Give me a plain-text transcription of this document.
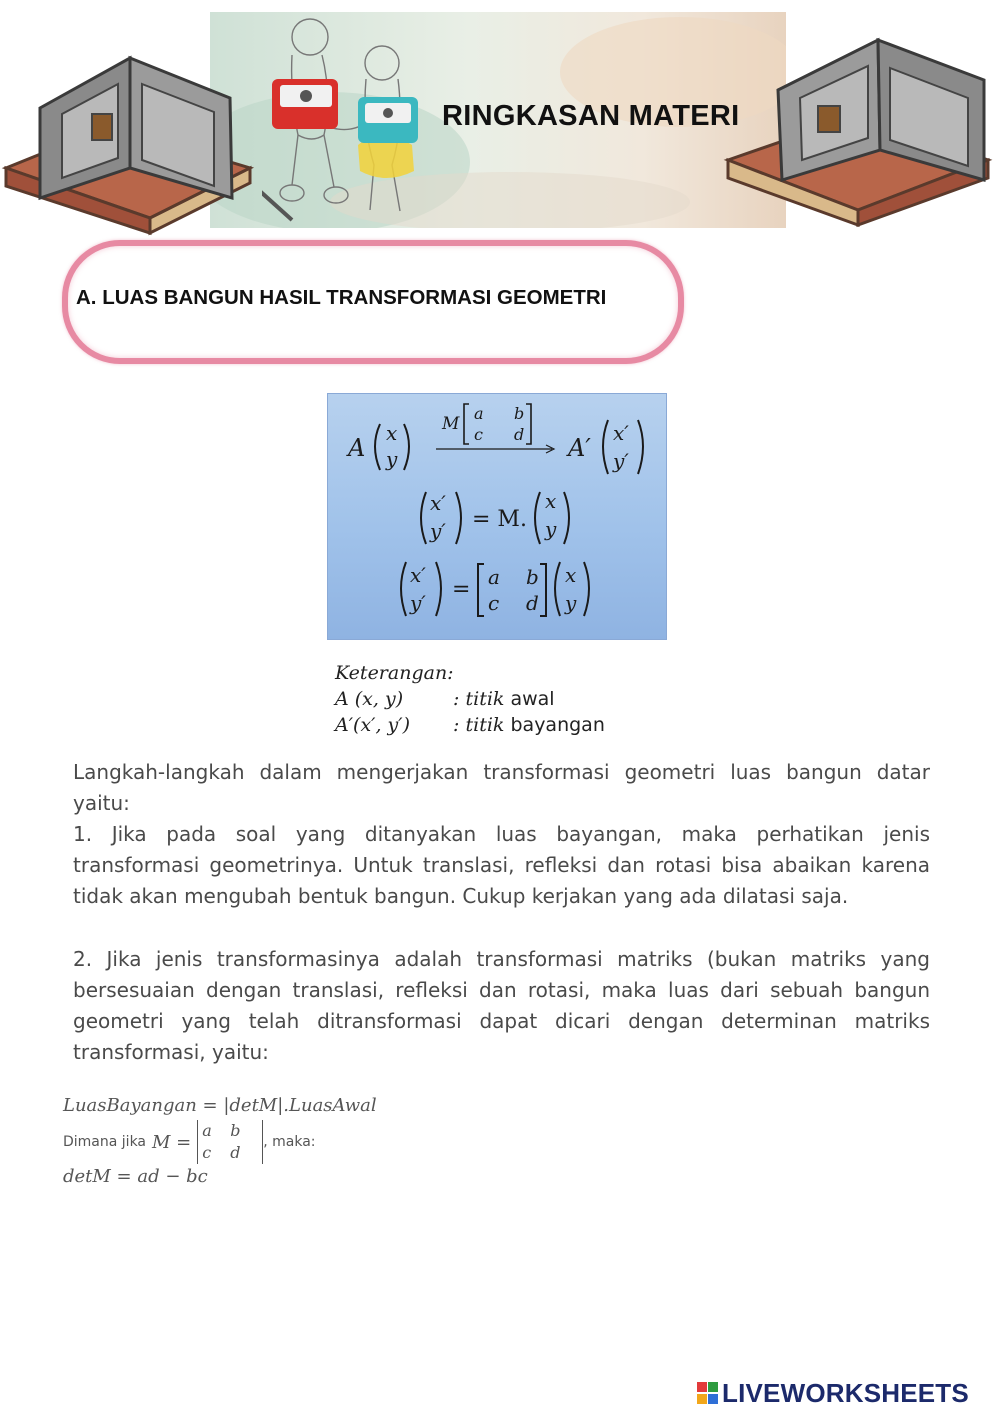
RINGKASAN MATERI
A. LUAS BANGUN HASIL TRANSFORMASI GEOMETRI
A
x
y
M
a b
c d A′
x′
y′
x′
y′ = M.
x
y
x′
y′
= a b
c d
x
y
Keterangan:
A (x, y)	: titik awal
A′(x′, y′) : titik bayangan

Langkah-langkah dalam mengerjakan transformasi geometri luas bangun datar yaitu:

1. Jika pada soal yang ditanyakan luas bayangan, maka perhatikan jenis transformasi geometrinya. Untuk translasi, refleksi dan rotasi bisa abaikan karena tidak akan mengubah bentuk bangun. Cukup kerjakan yang ada dilatasi saja.

2. Jika jenis transformasinya adalah transformasi matriks (bukan matriks yang bersesuaian dengan translasi, refleksi dan rotasi, maka luas dari sebuah bangun geometri yang telah ditransformasi dapat dicari dengan determinan matriks transformasi, yaitu:

LuasBayangan = |detM|.LuasAwal
Dimana jika M =
a	b
c	d
, maka:
detM = ad − bc
LIVEWORKSHEETS
